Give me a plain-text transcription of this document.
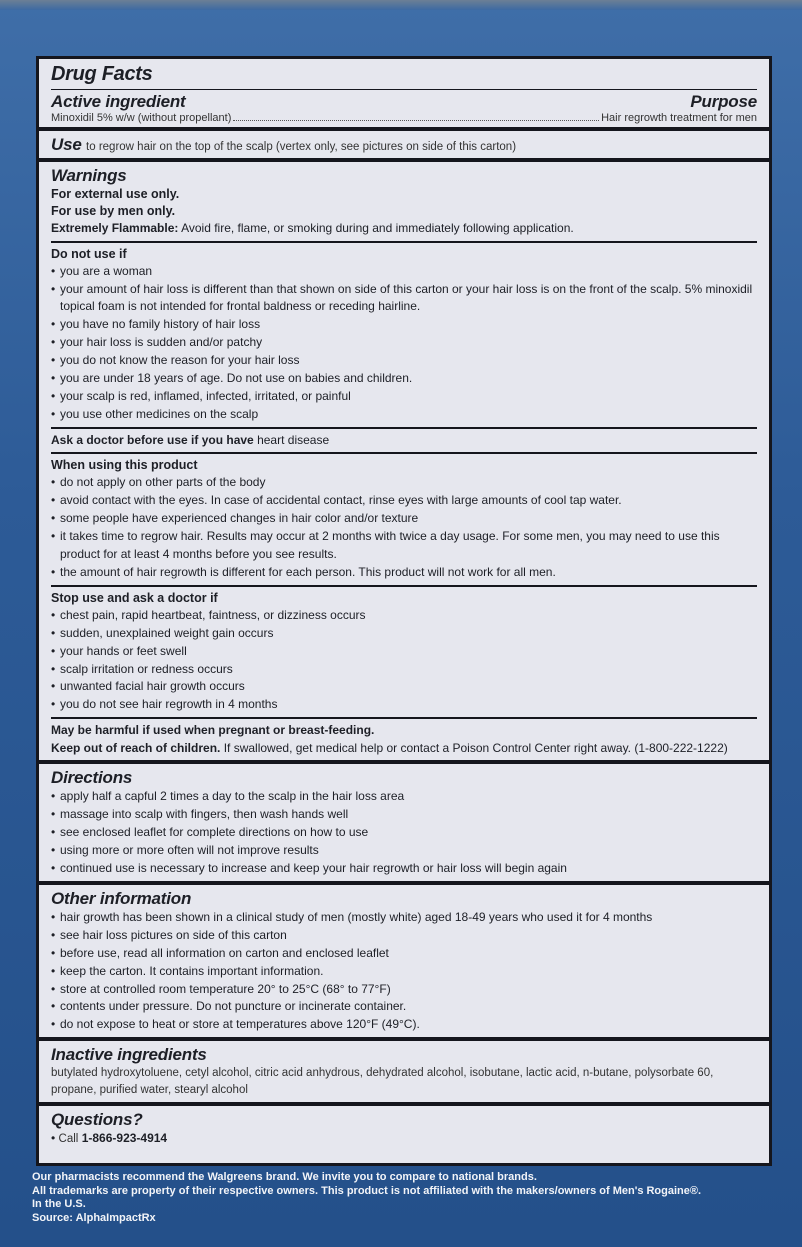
Drug Facts
Active ingredient	Purpose
Minoxidil 5% w/w (without propellant)	Hair regrowth treatment for men
Use to regrow hair on the top of the scalp (vertex only, see pictures on side of this carton)
Warnings
For external use only.
For use by men only.
Extremely Flammable: Avoid fire, flame, or smoking during and immediately following application.
Do not use if
• you are a woman
• your amount of hair loss is different than that shown on side of this carton or your hair loss is on the front of the scalp. 5% minoxidil topical foam is not intended for frontal baldness or receding hairline.
• you have no family history of hair loss
• your hair loss is sudden and/or patchy
• you do not know the reason for your hair loss
• you are under 18 years of age. Do not use on babies and children.
• your scalp is red, inflamed, infected, irritated, or painful
• you use other medicines on the scalp
Ask a doctor before use if you have heart disease
When using this product
• do not apply on other parts of the body
• avoid contact with the eyes. In case of accidental contact, rinse eyes with large amounts of cool tap water.
• some people have experienced changes in hair color and/or texture
• it takes time to regrow hair. Results may occur at 2 months with twice a day usage. For some men, you may need to use this product for at least 4 months before you see results.
• the amount of hair regrowth is different for each person. This product will not work for all men.
Stop use and ask a doctor if
• chest pain, rapid heartbeat, faintness, or dizziness occurs
• sudden, unexplained weight gain occurs
• your hands or feet swell
• scalp irritation or redness occurs
• unwanted facial hair growth occurs
• you do not see hair regrowth in 4 months
May be harmful if used when pregnant or breast-feeding.
Keep out of reach of children. If swallowed, get medical help or contact a Poison Control Center right away. (1-800-222-1222)
Directions
• apply half a capful 2 times a day to the scalp in the hair loss area
• massage into scalp with fingers, then wash hands well
• see enclosed leaflet for complete directions on how to use
• using more or more often will not improve results
• continued use is necessary to increase and keep your hair regrowth or hair loss will begin again
Other information
• hair growth has been shown in a clinical study of men (mostly white) aged 18-49 years who used it for 4 months
• see hair loss pictures on side of this carton
• before use, read all information on carton and enclosed leaflet
• keep the carton. It contains important information.
• store at controlled room temperature 20° to 25°C (68° to 77°F)
• contents under pressure. Do not puncture or incinerate container.
• do not expose to heat or store at temperatures above 120°F (49°C).
Inactive ingredients
butylated hydroxytoluene, cetyl alcohol, citric acid anhydrous, dehydrated alcohol, isobutane, lactic acid, n-butane, polysorbate 60, propane, purified water, stearyl alcohol
Questions?
• Call 1-866-923-4914
Our pharmacists recommend the Walgreens brand. We invite you to compare to national brands.
All trademarks are property of their respective owners. This product is not affiliated with the makers/owners of Men's Rogaine®.
In the U.S.
Source: AlphaImpactRx
